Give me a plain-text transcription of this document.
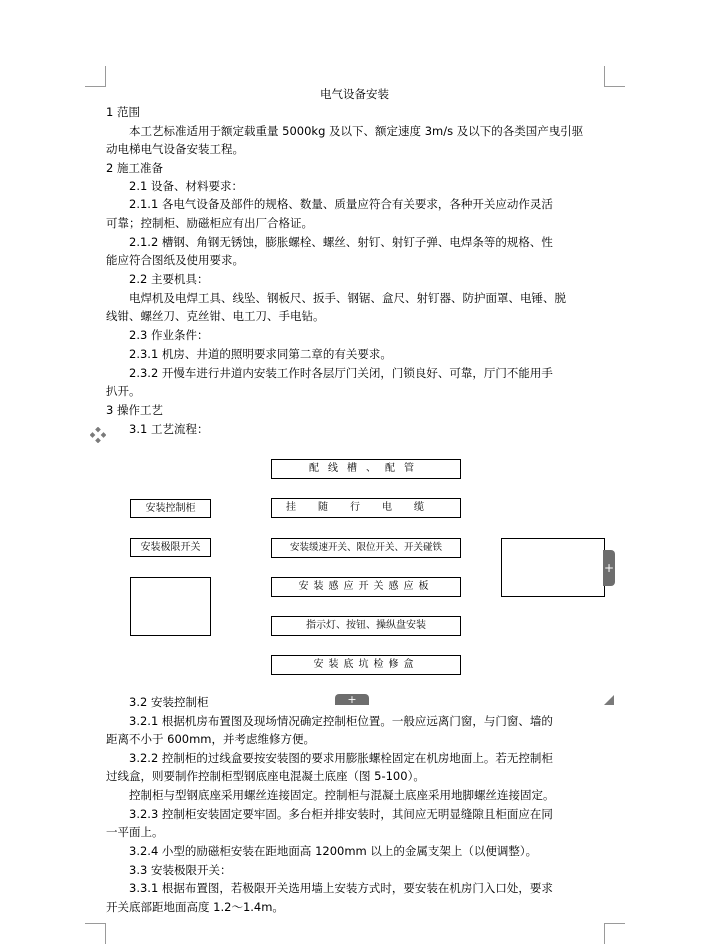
电气设备安装
1 范围
本工艺标准适用于额定载重量 5000kg 及以下、额定速度 3m/s 及以下的各类国产曳引驱
动电梯电气设备安装工程。
2 施工准备
2.1 设备、材料要求：
2.1.1 各电气设备及部件的规格、数量、质量应符合有关要求，各种开关应动作灵活
可靠；控制柜、励磁柜应有出厂合格证。
2.1.2 槽钢、角钢无锈蚀，膨胀螺栓、螺丝、射钉、射钉子弹、电焊条等的规格、性
能应符合图纸及使用要求。
2.2 主要机具：
电焊机及电焊工具、线坠、钢板尺、扳手、钢锯、盒尺、射钉器、防护面罩、电锤、脱
线钳、螺丝刀、克丝钳、电工刀、手电钻。
2.3 作业条件：
2.3.1 机房、井道的照明要求同第二章的有关要求。
2.3.2 开慢车进行井道内安装工作时各层厅门关闭，门锁良好、可靠，厅门不能用手
扒开。
3 操作工艺
3.1 工艺流程：
配线槽、配管
挂随行电缆
安装缓速开关、限位开关、开关碰铁
安装感应开关感应板
指示灯、按钮、操纵盘安装
安装底坑检修盒
安装控制柜
安装极限开关
+
+
3.2 安装控制柜
3.2.1 根据机房布置图及现场情况确定控制柜位置。一般应远离门窗，与门窗、墙的
距离不小于 600mm，并考虑维修方便。
3.2.2 控制柜的过线盒要按安装图的要求用膨胀螺栓固定在机房地面上。若无控制柜
过线盒，则要制作控制柜型钢底座电混凝土底座（图 5-100）。
控制柜与型钢底座采用螺丝连接固定。控制柜与混凝土底座采用地脚螺丝连接固定。
3.2.3 控制柜安装固定要牢固。多台柜并排安装时，其间应无明显缝隙且柜面应在同
一平面上。
3.2.4 小型的励磁柜安装在距地面高 1200mm 以上的金属支架上（以便调整）。
3.3 安装极限开关：
3.3.1 根据布置图，若极限开关选用墙上安装方式时，要安装在机房门入口处，要求
开关底部距地面高度 1.2～1.4m。
